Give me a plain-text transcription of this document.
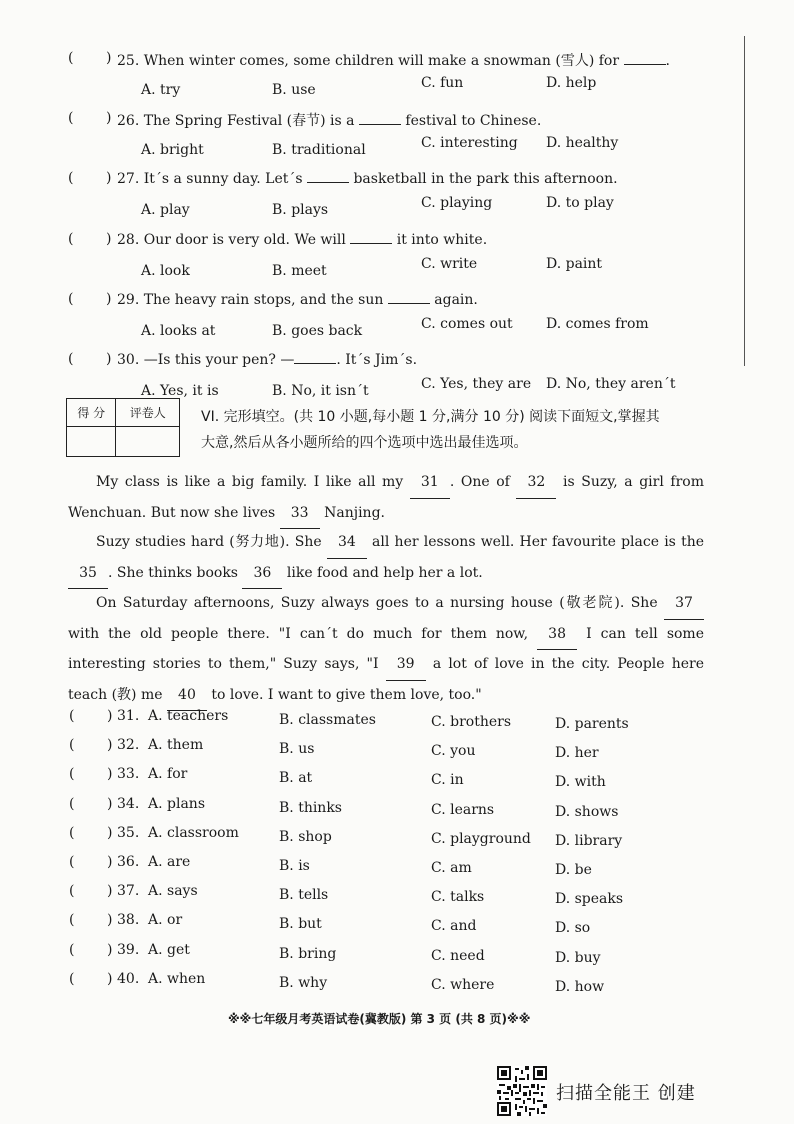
( ) 25. When winter comes, some children will make a snowman (雪人) for	.
A. try	B. use	C. fun	D. help
( ) 26. The Spring Festival (春节) is a	festival to Chinese.
A. bright	B. traditional	C. interesting D. healthy
( ) 27. It´s a sunny day. Let´s	basketball in the park this afternoon.
A. play	B. plays	C. playing	D. to play
( ) 28. Our door is very old. We will	it into white.
A. look	B. meet	C. write	D. paint
( ) 29. The heavy rain stops, and the sun	again.
A. looks at	B. goes back	C. comes out D. comes from
( ) 30. —Is this your pen? —	. It´s Jim´s.
A. Yes, it is	B. No, it isn´t	C. Yes, they are D. No, they aren´t
得 分	评卷人
		VI. 完形填空。(共 10 小题,每小题 1 分,满分 10 分) 阅读下面短文,掌握其
大意,然后从各小题所给的四个选项中选出最佳选项。
My class is like a big family. I like all my 31 . One of 32 is Suzy, a girl from Wenchuan. But now she lives 33 Nanjing.
Suzy studies hard (努力地). She 34 all her lessons well. Her favourite place is the 35 . She thinks books 36 like food and help her a lot.
On Saturday afternoons, Suzy always goes to a nursing house (敬老院). She 37 with the old people there. "I can´t do much for them now, 38 I can tell some interesting stories to them," Suzy says, "I 39 a lot of love in the city. People here teach (教) me 40 to love. I want to give them love, too."
( ) 31. A. teachers	B. classmates	C. brothers	D. parents
( ) 32. A. them	B. us	C. you	D. her
( ) 33. A. for	B. at	C. in	D. with
( ) 34. A. plans	B. thinks	C. learns	D. shows
( ) 35. A. classroom	B. shop	C. playground D. library
( ) 36. A. are	B. is	C. am	D. be
( ) 37. A. says	B. tells	C. talks	D. speaks
( ) 38. A. or	B. but	C. and	D. so
( ) 39. A. get	B. bring	C. need	D. buy
( ) 40. A. when	B. why	C. where	D. how
※※七年级月考英语试卷(冀教版) 第 3 页 (共 8 页)※※
扫描全能王 创建
